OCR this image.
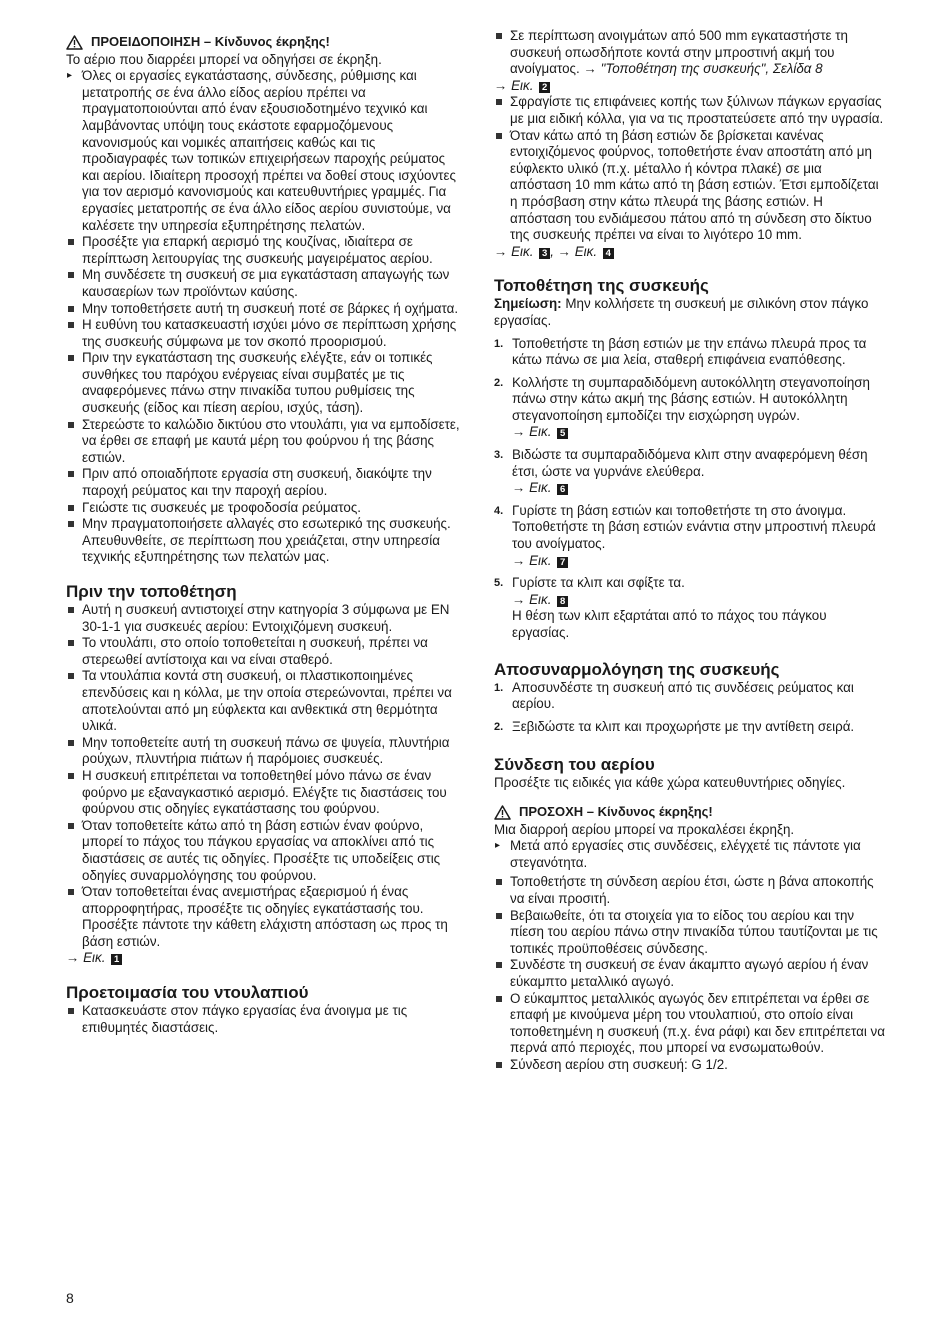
ΠΡΟΕΙΔΟΠΟΙΗΣΗ – Κίνδυνος έκρηξης!

Το αέριο που διαρρέει μπορεί να οδηγήσει σε έκρηξη.

▸ Όλες οι εργασίες εγκατάστασης, σύνδεσης, ρύθμισης και μετατροπής σε ένα άλλο είδος αερίου πρέπει να πραγματοποιούνται από έναν εξουσιοδοτημένο τεχνικό και λαμβάνοντας υπόψη τους εκάστοτε εφαρμοζόμενους κανονισμούς και νομικές απαιτήσεις καθώς και τις προδιαγραφές των τοπικών επιχειρήσεων παροχής ρεύματος και αερίου. Ιδιαίτερη προσοχή πρέπει να δοθεί στους ισχύοντες για τον αερισμό κανονισμούς και κατευθυντήριες γραμμές. Για εργασίες μετατροπής σε ένα άλλο είδος αερίου συνιστούμε, να καλέσετε την υπηρεσία εξυπηρέτησης πελατών.
Προσέξτε για επαρκή αερισμό της κουζίνας, ιδιαίτερα σε περίπτωση λειτουργίας της συσκευής μαγειρέματος αερίου.
Μη συνδέσετε τη συσκευή σε μια εγκατάσταση απαγωγής των καυσαερίων των προϊόντων καύσης.
Μην τοποθετήσετε αυτή τη συσκευή ποτέ σε βάρκες ή οχήματα.
Η ευθύνη του κατασκευαστή ισχύει μόνο σε περίπτωση χρήσης της συσκευής σύμφωνα με τον σκοπό προορισμού.
Πριν την εγκατάσταση της συσκευής ελέγξτε, εάν οι τοπικές συνθήκες του παρόχου ενέργειας είναι συμβατές με τις αναφερόμενες πάνω στην πινακίδα τυπου ρυθμίσεις της συσκευής (είδος και πίεση αερίου, ισχύς, τάση).
Στερεώστε το καλώδιο δικτύου στο ντουλάπι, για να εμποδίσετε, να έρθει σε επαφή με καυτά μέρη του φούρνου ή της βάσης εστιών.
Πριν από οποιαδήποτε εργασία στη συσκευή, διακόψτε την παροχή ρεύματος και την παροχή αερίου.
Γειώστε τις συσκευές με τροφοδοσία ρεύματος.
Μην πραγματοποιήσετε αλλαγές στο εσωτερικό της συσκευής. Απευθυνθείτε, σε περίπτωση που χρειάζεται, στην υπηρεσία τεχνικής εξυπηρέτησης των πελατών μας.
Πριν την τοποθέτηση
Αυτή η συσκευή αντιστοιχεί στην κατηγορία 3 σύμφωνα με EN 30-1-1 για συσκευές αερίου: Εντοιχιζόμενη συσκευή.
Το ντουλάπι, στο οποίο τοποθετείται η συσκευή, πρέπει να στερεωθεί αντίστοιχα και να είναι σταθερό.
Τα ντουλάπια κοντά στη συσκευή, οι πλαστικοποιημένες επενδύσεις και η κόλλα, με την οποία στερεώνονται, πρέπει να αποτελούνται από μη εύφλεκτα και ανθεκτικά στη θερμότητα υλικά.
Μην τοποθετείτε αυτή τη συσκευή πάνω σε ψυγεία, πλυντήρια ρούχων, πλυντήρια πιάτων ή παρόμοιες συσκευές.
Η συσκευή επιτρέπεται να τοποθετηθεί μόνο πάνω σε έναν φούρνο με εξαναγκαστικό αερισμό. Ελέγξτε τις διαστάσεις του φούρνου στις οδηγίες εγκατάστασης του φούρνου.
Όταν τοποθετείτε κάτω από τη βάση εστιών έναν φούρνο, μπορεί το πάχος του πάγκου εργασίας να αποκλίνει από τις διαστάσεις σε αυτές τις οδηγίες. Προσέξτε τις υποδείξεις στις οδηγίες συναρμολόγησης του φούρνου.
Όταν τοποθετείται ένας ανεμιστήρας εξαερισμού ή ένας απορροφητήρας, προσέξτε τις οδηγίες εγκατάστασής του. Προσέξτε πάντοτε την κάθετη ελάχιστη απόσταση ως προς τη βάση εστιών.

→ Εικ. 1

Προετοιμασία του ντουλαπιού
Κατασκευάστε στον πάγκο εργασίας ένα άνοιγμα με τις επιθυμητές διαστάσεις.
Σε περίπτωση ανοιγμάτων από 500 mm εγκαταστήστε τη συσκευή οπωσδήποτε κοντά στην μπροστινή ακμή του ανοίγματος. → "Τοποθέτηση της συσκευής", Σελίδα 8

→ Εικ. 2

Σφραγίστε τις επιφάνειες κοπής των ξύλινων πάγκων εργασίας με μια ειδική κόλλα, για να τις προστατεύσετε από την υγρασία.
Όταν κάτω από τη βάση εστιών δε βρίσκεται κανένας εντοιχιζόμενος φούρνος, τοποθετήστε έναν αποστάτη από μη εύφλεκτο υλικό (π.χ. μέταλλο ή κόντρα πλακέ) σε μια απόσταση 10 mm κάτω από τη βάση εστιών. Έτσι εμποδίζεται η πρόσβαση στην κάτω πλευρά της βάσης εστιών. Η απόσταση του ενδιάμεσου πάτου από τη σύνδεση στο δίκτυο της συσκευής πρέπει να είναι το λιγότερο 10 mm.

→ Εικ. 3 , → Εικ. 4

Τοποθέτηση της συσκευής

Σημείωση: Μην κολλήσετε τη συσκευή με σιλικόνη στον πάγκο εργασίας.

1. Τοποθετήστε τη βάση εστιών με την επάνω πλευρά προς τα κάτω πάνω σε μια λεία, σταθερή επιφάνεια εναπόθεσης.
2. Κολλήστε τη συμπαραδιδόμενη αυτοκόλλητη στεγανοποίηση πάνω στην κάτω ακμή της βάσης εστιών. Η αυτοκόλλητη στεγανοποίηση εμποδίζει την εισχώρηση υγρών.
→ Εικ. 5
3. Βιδώστε τα συμπαραδιδόμενα κλιπ στην αναφερόμενη θέση έτσι, ώστε να γυρνάνε ελεύθερα.
→ Εικ. 6
4. Γυρίστε τη βάση εστιών και τοποθετήστε τη στο άνοιγμα. Τοποθετήστε τη βάση εστιών ενάντια στην μπροστινή πλευρά του ανοίγματος.
→ Εικ. 7
5. Γυρίστε τα κλιπ και σφίξτε τα.
→ Εικ. 8
Η θέση των κλιπ εξαρτάται από το πάχος του πάγκου εργασίας.
Αποσυναρμολόγηση της συσκευής
1. Αποσυνδέστε τη συσκευή από τις συνδέσεις ρεύματος και αερίου.
2. Ξεβιδώστε τα κλιπ και προχωρήστε με την αντίθετη σειρά.
Σύνδεση του αερίου

Προσέξτε τις ειδικές για κάθε χώρα κατευθυντήριες οδηγίες.

ΠΡΟΣΟΧΗ – Κίνδυνος έκρηξης!

Μια διαρροή αερίου μπορεί να προκαλέσει έκρηξη.

▸ Μετά από εργασίες στις συνδέσεις, ελέγχετέ τις πάντοτε για στεγανότητα.
Τοποθετήστε τη σύνδεση αερίου έτσι, ώστε η βάνα αποκοπής να είναι προσιτή.
Βεβαιωθείτε, ότι τα στοιχεία για το είδος του αερίου και την πίεση του αερίου πάνω στην πινακίδα τύπου ταυτίζονται με τις τοπικές προϋποθέσεις σύνδεσης.
Συνδέστε τη συσκευή σε έναν άκαμπτο αγωγό αερίου ή έναν εύκαμπτο μεταλλικό αγωγό.
Ο εύκαμπτος μεταλλικός αγωγός δεν επιτρέπεται να έρθει σε επαφή με κινούμενα μέρη του ντουλαπιού, στο οποίο είναι τοποθετημένη η συσκευή (π.χ. ένα ράφι) και δεν επιτρέπεται να περνά από περιοχές, που μπορεί να ενσωματωθούν.
Σύνδεση αερίου στη συσκευή: G 1/2.
8
